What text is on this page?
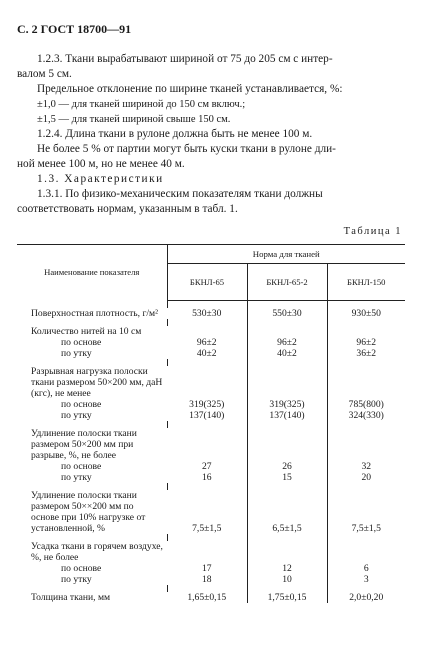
С. 2 ГОСТ 18700—91
1.2.3. Ткани вырабатывают шириной от 75 до 205 см с интер-
валом 5 см.
Предельное отклонение по ширине тканей устанавливается, %:
±1,0 — для тканей шириной до 150 см включ.;
±1,5 — для тканей шириной свыше 150 см.
1.2.4. Длина ткани в рулоне должна быть не менее 100 м.
Не более 5 % от партии могут быть куски ткани в рулоне дли-
ной менее 100 м, но не менее 40 м.
1.3. Характеристики
1.3.1. По физико-механическим показателям ткани должны
соответствовать нормам, указанным в табл. 1.
Таблица 1
Наименование показателя	Норма для тканей		
	БКНЛ-65	БКНЛ-65-2	БКНЛ-150

Поверхностная плотность, г/м²	530±30	550±30	930±50

Количество нитей на 10 см			

по основе	96±2	96±2	96±2

по утку	40±2	40±2	36±2

Разрывная нагрузка полоски ткани размером 50×200 мм, даН (кгс), не менее			

по основе	319(325)	319(325)	785(800)

по утку	137(140)	137(140)	324(330)

Удлинение полоски ткани размером 50×200 мм при разрыве, %, не более			

по основе	27	26	32

по утку	16	15	20

Удлинение полоски ткани размером 50××200 мм по основе при 10% нагрузке от установленной, %	7,5±1,5	6,5±1,5	7,5±1,5

Усадка ткани в горячем воздухе, %, не более			

по основе	17	12	6

по утку	18	10	3

Толщина ткани, мм	1,65±0,15	1,75±0,15	2,0±0,20
